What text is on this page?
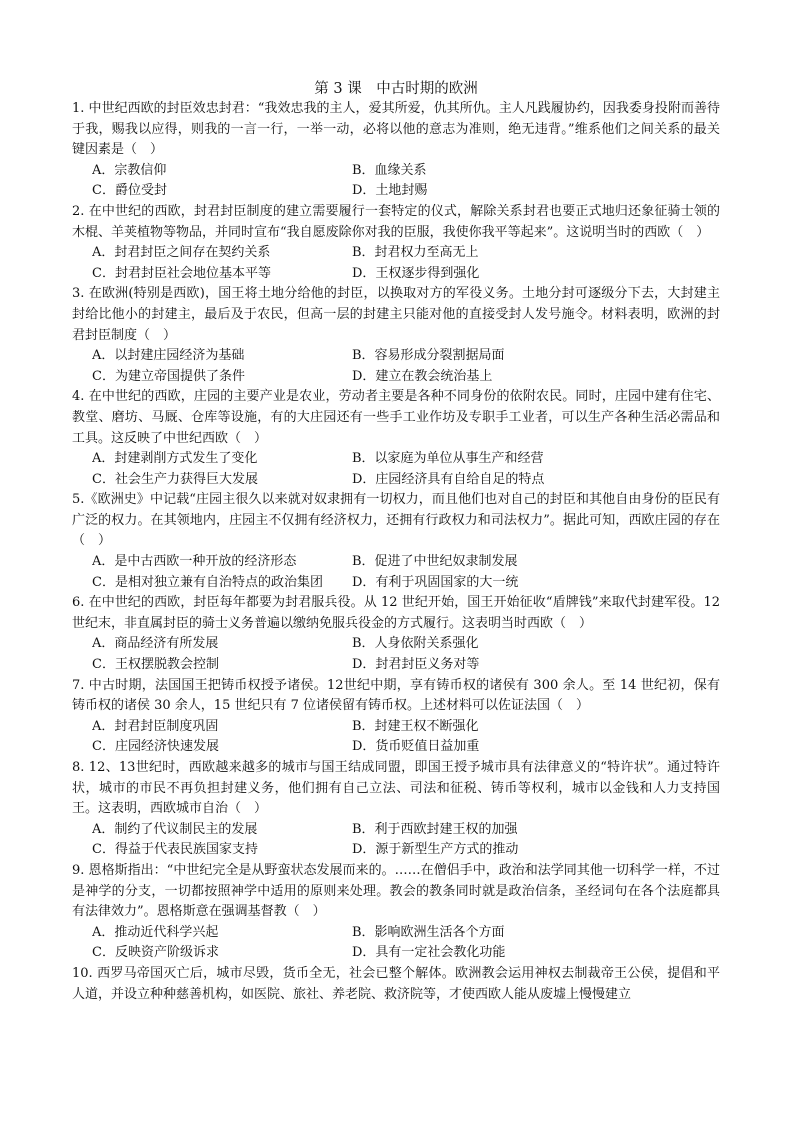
第 3 课　中古时期的欧洲

1. 中世纪西欧的封臣效忠封君：“我效忠我的主人，爱其所爱，仇其所仇。主人凡践履协约，因我委身投附而善待于我，赐我以应得，则我的一言一行，一举一动，必将以他的意志为准则，绝无违背。”维系他们之间关系的最关键因素是（　）

A．宗教信仰	B．血缘关系
C．爵位受封	D．土地封赐

2. 在中世纪的西欧，封君封臣制度的建立需要履行一套特定的仪式，解除关系封君也要正式地归还象征骑士领的木棍、羊荚植物等物品，并同时宣布“我自愿废除你对我的臣服，我使你我平等起来”。这说明当时的西欧（　）

A．封君封臣之间存在契约关系	B．封君权力至高无上
C．封君封臣社会地位基本平等	D．王权逐步得到强化

3. 在欧洲(特别是西欧)，国王将土地分给他的封臣，以换取对方的军役义务。土地分封可逐级分下去，大封建主封给比他小的封建主，最后及于农民，但高一层的封建主只能对他的直接受封人发号施令。材料表明，欧洲的封君封臣制度（　）

A．以封建庄园经济为基础	B．容易形成分裂割据局面
C．为建立帝国提供了条件	D．建立在教会统治基上

4. 在中世纪的西欧，庄园的主要产业是农业，劳动者主要是各种不同身份的依附农民。同时，庄园中建有住宅、教堂、磨坊、马厩、仓库等设施，有的大庄园还有一些手工业作坊及专职手工业者，可以生产各种生活必需品和工具。这反映了中世纪西欧（　）

A．封建剥削方式发生了变化	B．以家庭为单位从事生产和经营
C．社会生产力获得巨大发展	D．庄园经济具有自给自足的特点

5.《欧洲史》中记载“庄园主很久以来就对奴隶拥有一切权力，而且他们也对自己的封臣和其他自由身份的臣民有广泛的权力。在其领地内，庄园主不仅拥有经济权力，还拥有行政权力和司法权力”。据此可知，西欧庄园的存在（　）

A．是中古西欧一种开放的经济形态	B．促进了中世纪奴隶制发展
C．是相对独立兼有自治特点的政治集团	D．有利于巩固国家的大一统

6. 在中世纪的西欧，封臣每年都要为封君服兵役。从 12 世纪开始，国王开始征收“盾牌钱”来取代封建军役。12 世纪末，非直属封臣的骑士义务普遍以缴纳免服兵役金的方式履行。这表明当时西欧（　）

A．商品经济有所发展	B．人身依附关系强化
C．王权摆脱教会控制	D．封君封臣义务对等

7. 中古时期，法国国王把铸币权授予诸侯。12世纪中期，享有铸币权的诸侯有 300 余人。至 14 世纪初，保有铸币权的诸侯 30 余人，15 世纪只有 7 位诸侯留有铸币权。上述材料可以佐证法国（　）

A．封君封臣制度巩固	B．封建王权不断强化
C．庄园经济快速发展	D．货币贬值日益加重

8. 12、13世纪时，西欧越来越多的城市与国王结成同盟，即国王授予城市具有法律意义的“特许状”。通过特许状，城市的市民不再负担封建义务，他们拥有自己立法、司法和征税、铸币等权利，城市以金钱和人力支持国王。这表明，西欧城市自治（　）

A．制约了代议制民主的发展	B．利于西欧封建王权的加强
C．得益于代表民族国家支持	D．源于新型生产方式的推动

9. 恩格斯指出：“中世纪完全是从野蛮状态发展而来的。……在僧侣手中，政治和法学同其他一切科学一样，不过是神学的分支，一切都按照神学中适用的原则来处理。教会的教条同时就是政治信条，圣经词句在各个法庭都具有法律效力”。恩格斯意在强调基督教（　）

A．推动近代科学兴起	B．影响欧洲生活各个方面
C．反映资产阶级诉求	D．具有一定社会教化功能

10. 西罗马帝国灭亡后，城市尽毁，货币全无，社会已整个解体。欧洲教会运用神权去制裁帝王公侯，提倡和平人道，并设立种种慈善机构，如医院、旅社、养老院、救济院等，才使西欧人能从废墟上慢慢建立
